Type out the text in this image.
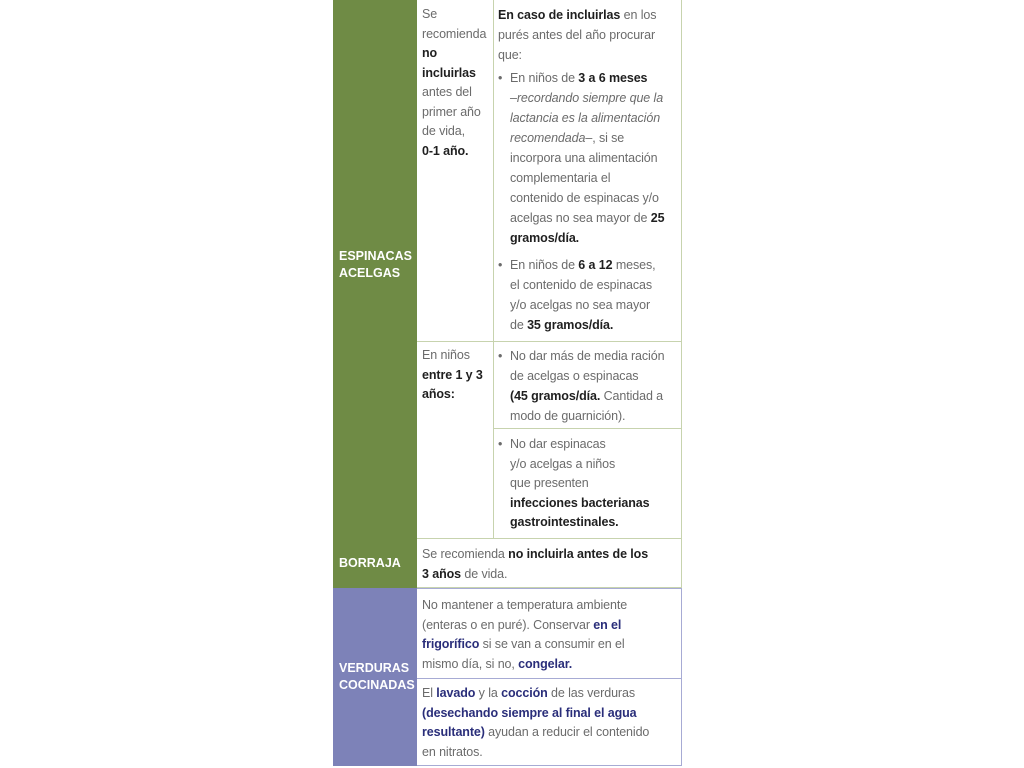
ESPINACAS
ACELGAS
Se
recomienda
no
incluirlas
antes del
primer año
de vida,
0-1 año.
En caso de incluirlas en los
purés antes del año procurar
que:
• En niños de 3 a 6 meses
–recordando siempre que la
lactancia es la alimentación
recomendada–, si se
incorpora una alimentación
complementaria el
contenido de espinacas y/o
acelgas no sea mayor de 25
gramos/día.
• En niños de 6 a 12 meses,
el contenido de espinacas
y/o acelgas no sea mayor
de 35 gramos/día.
En niños
entre 1 y 3
años:
• No dar más de media ración
de acelgas o espinacas
(45 gramos/día. Cantidad a
modo de guarnición).
• No dar espinacas
y/o acelgas a niños
que presenten
infecciones bacterianas
gastrointestinales.
BORRAJA
Se recomienda no incluirla antes de los
3 años de vida.
VERDURAS
COCINADAS
No mantener a temperatura ambiente
(enteras o en puré). Conservar en el
frigorífico si se van a consumir en el
mismo día, si no, congelar.
El lavado y la cocción de las verduras
(desechando siempre al final el agua
resultante) ayudan a reducir el contenido
en nitratos.
